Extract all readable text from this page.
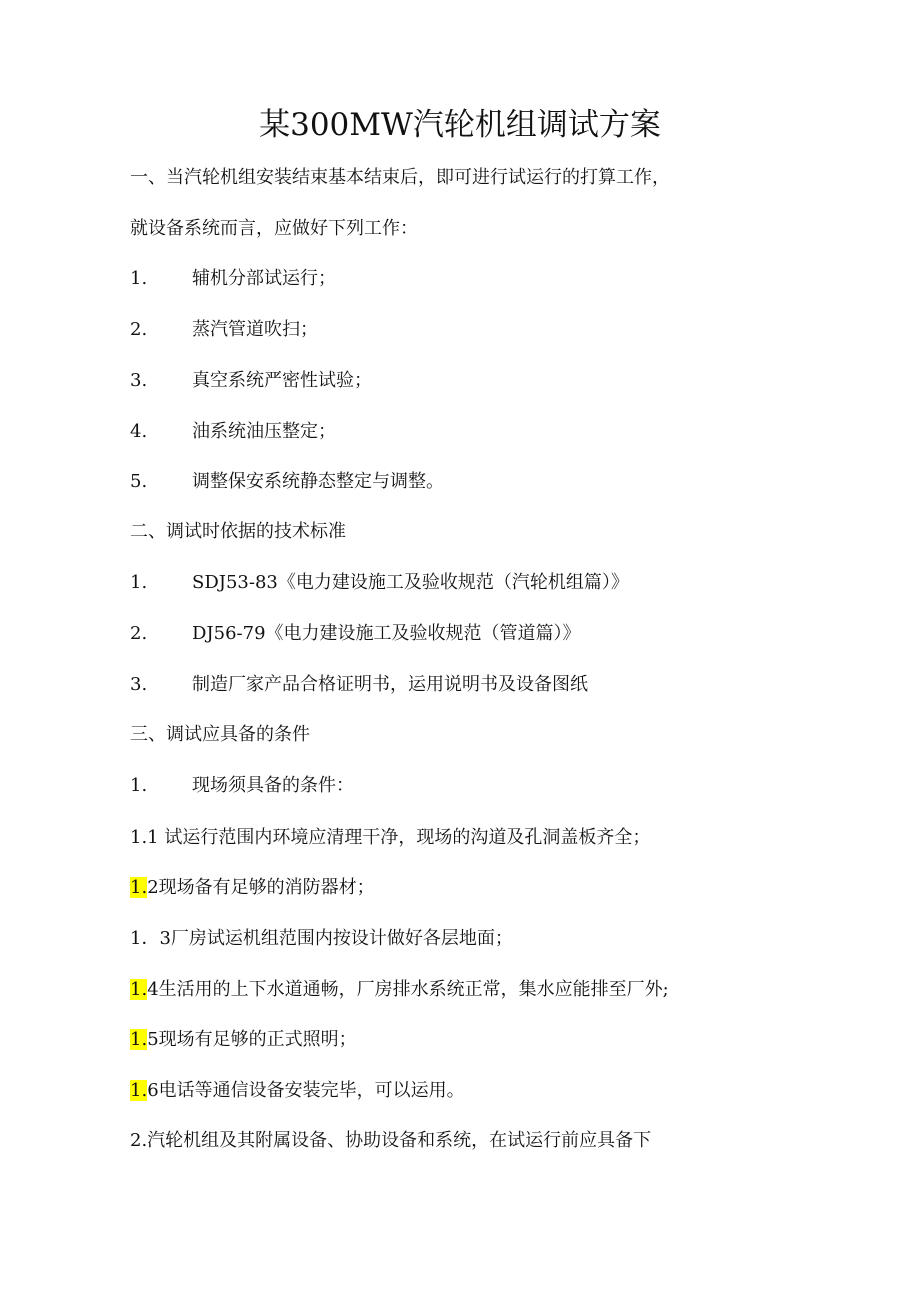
某300MW汽轮机组调试方案
一、当汽轮机组安装结束基本结束后，即可进行试运行的打算工作，
就设备系统而言，应做好下列工作：
1. 辅机分部试运行；
2. 蒸汽管道吹扫；
3. 真空系统严密性试验；
4. 油系统油压整定；
5. 调整保安系统静态整定与调整。
二、调试时依据的技术标准
1. SDJ53-83《电力建设施工及验收规范（汽轮机组篇）》
2. DJ56-79《电力建设施工及验收规范（管道篇）》
3. 制造厂家产品合格证明书，运用说明书及设备图纸
三、调试应具备的条件
1. 现场须具备的条件：
1.1 试运行范围内环境应清理干净，现场的沟道及孔洞盖板齐全；
1.2现场备有足够的消防器材；
1．3厂房试运机组范围内按设计做好各层地面；
1.4生活用的上下水道通畅，厂房排水系统正常，集水应能排至厂外;
1.5现场有足够的正式照明；
1.6电话等通信设备安装完毕，可以运用。
2.汽轮机组及其附属设备、协助设备和系统，在试运行前应具备下
